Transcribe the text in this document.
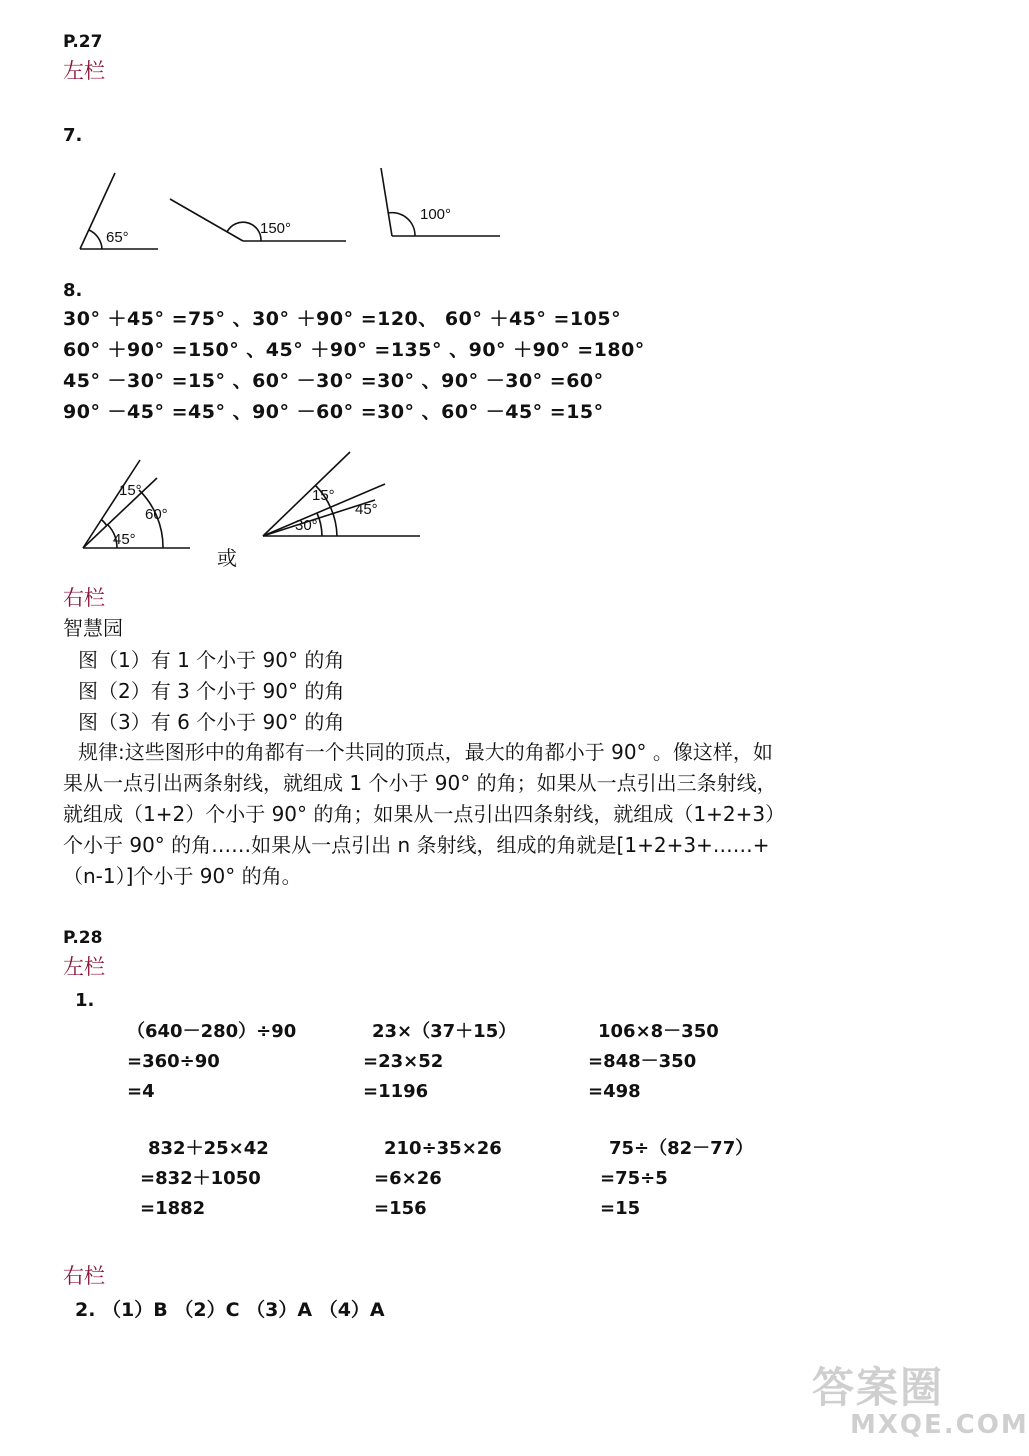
P.27
左栏
7.
65°
150°
100°
8.
30° ＋45° =75° 、30° ＋90° =120、 60° ＋45° =105°
60° ＋90° =150° 、45° ＋90° =135° 、90° ＋90° =180°
45° －30° =15° 、60° －30° =30° 、90° －30° =60°
90° －45° =45° 、90° －60° =30° 、60° －45° =15°
15°
60°
45°
15°
30°
45°
或
右栏
智慧园
图（1）有 1 个小于 90° 的角
图（2）有 3 个小于 90° 的角
图（3）有 6 个小于 90° 的角
规律:这些图形中的角都有一个共同的顶点，最大的角都小于 90° 。像这样，如
果从一点引出两条射线，就组成 1 个小于 90° 的角；如果从一点引出三条射线，
就组成（1+2）个小于 90° 的角；如果从一点引出四条射线，就组成（1+2+3）
个小于 90° 的角……如果从一点引出 n 条射线，组成的角就是[1+2+3+……+
（n-1）]个小于 90° 的角。
P.28
左栏
1.
（640－280）÷90
=360÷90
=4
23×（37＋15）
=23×52
=1196
106×8－350
=848－350
=498
832＋25×42
=832＋1050
=1882
210÷35×26
=6×26
=156
75÷（82－77）
=75÷5
=15
右栏
2. （1）B （2）C （3）A （4）A
答案圈
MXQE.COM
